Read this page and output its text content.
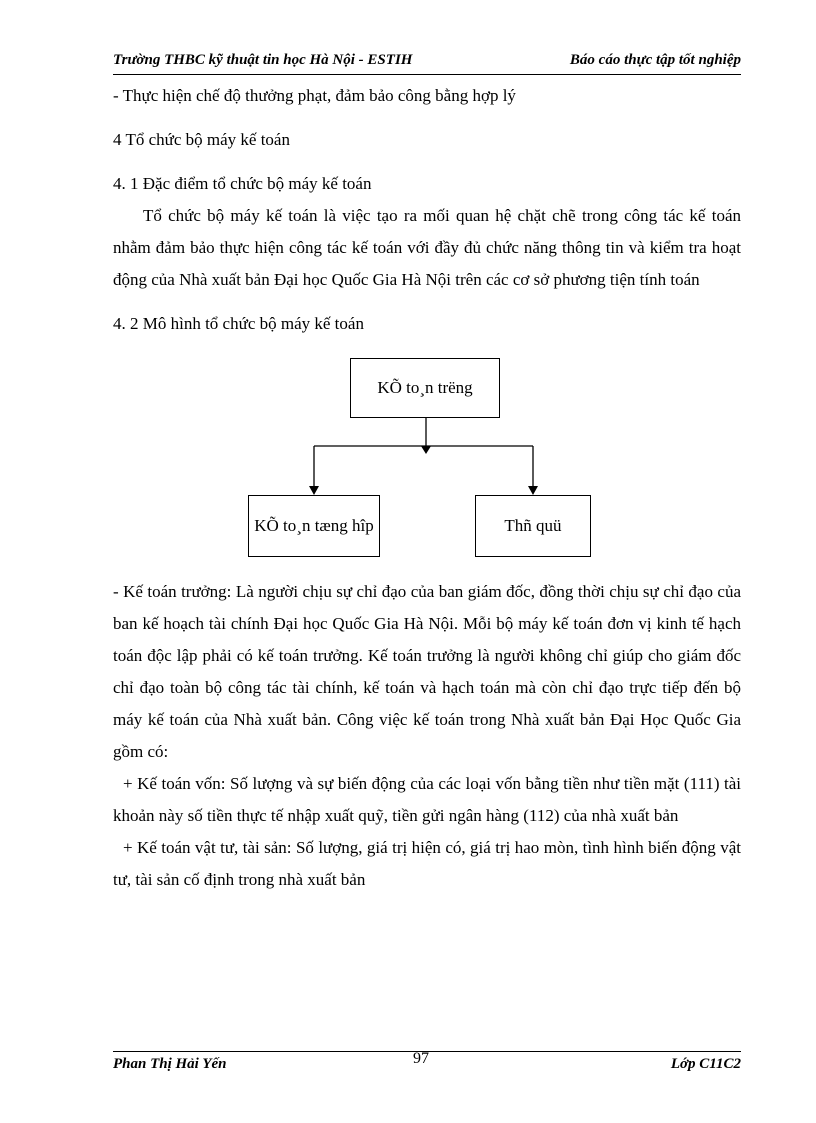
Trường THBC kỹ thuật tin học Hà Nội - ESTIH	Báo cáo thực tập tốt nghiệp

- Thực hiện chế độ thưởng phạt, đảm bảo công bằng hợp lý

4 Tổ chức bộ máy kế toán

4. 1 Đặc điểm tổ chức bộ máy kế toán

Tổ chức bộ máy kế toán là việc tạo ra mối quan hệ chặt chẽ trong công tác kế toán nhằm đảm bảo thực hiện công tác kế toán với đầy đủ chức năng thông tin và kiểm tra hoạt động của Nhà xuất bản Đại học Quốc Gia Hà Nội trên các cơ sở phương tiện tính toán

4. 2 Mô hình tổ chức bộ máy kế toán

KÕ to¸n trëng
KÕ to¸n tæng hîp	Thñ quü

- Kế toán trưởng: Là người chịu sự chỉ đạo của ban giám đốc, đồng thời chịu sự chỉ đạo của ban kế hoạch tài chính Đại học Quốc Gia Hà Nội. Mỗi bộ máy kế toán đơn vị kinh tế hạch toán độc lập phải có kế toán trưởng. Kế toán trưởng là người không chỉ giúp cho giám đốc chỉ đạo toàn bộ công tác tài chính, kế toán và hạch toán mà còn chỉ đạo trực tiếp đến bộ máy kế toán của Nhà xuất bản. Công việc kế toán trong Nhà xuất bản Đại Học Quốc Gia gồm có:

+ Kế toán vốn: Số lượng và sự biến động của các loại vốn bằng tiền như tiền mặt (111) tài khoản này số tiền thực tế nhập xuất quỹ, tiền gửi ngân hàng (112) của nhà xuất bản

+ Kế toán vật tư, tài sản: Số lượng, giá trị hiện có, giá trị hao mòn, tình hình biến động vật tư, tài sản cố định trong nhà xuất bản

Phan Thị Hải Yến	97	Lớp C11C2
